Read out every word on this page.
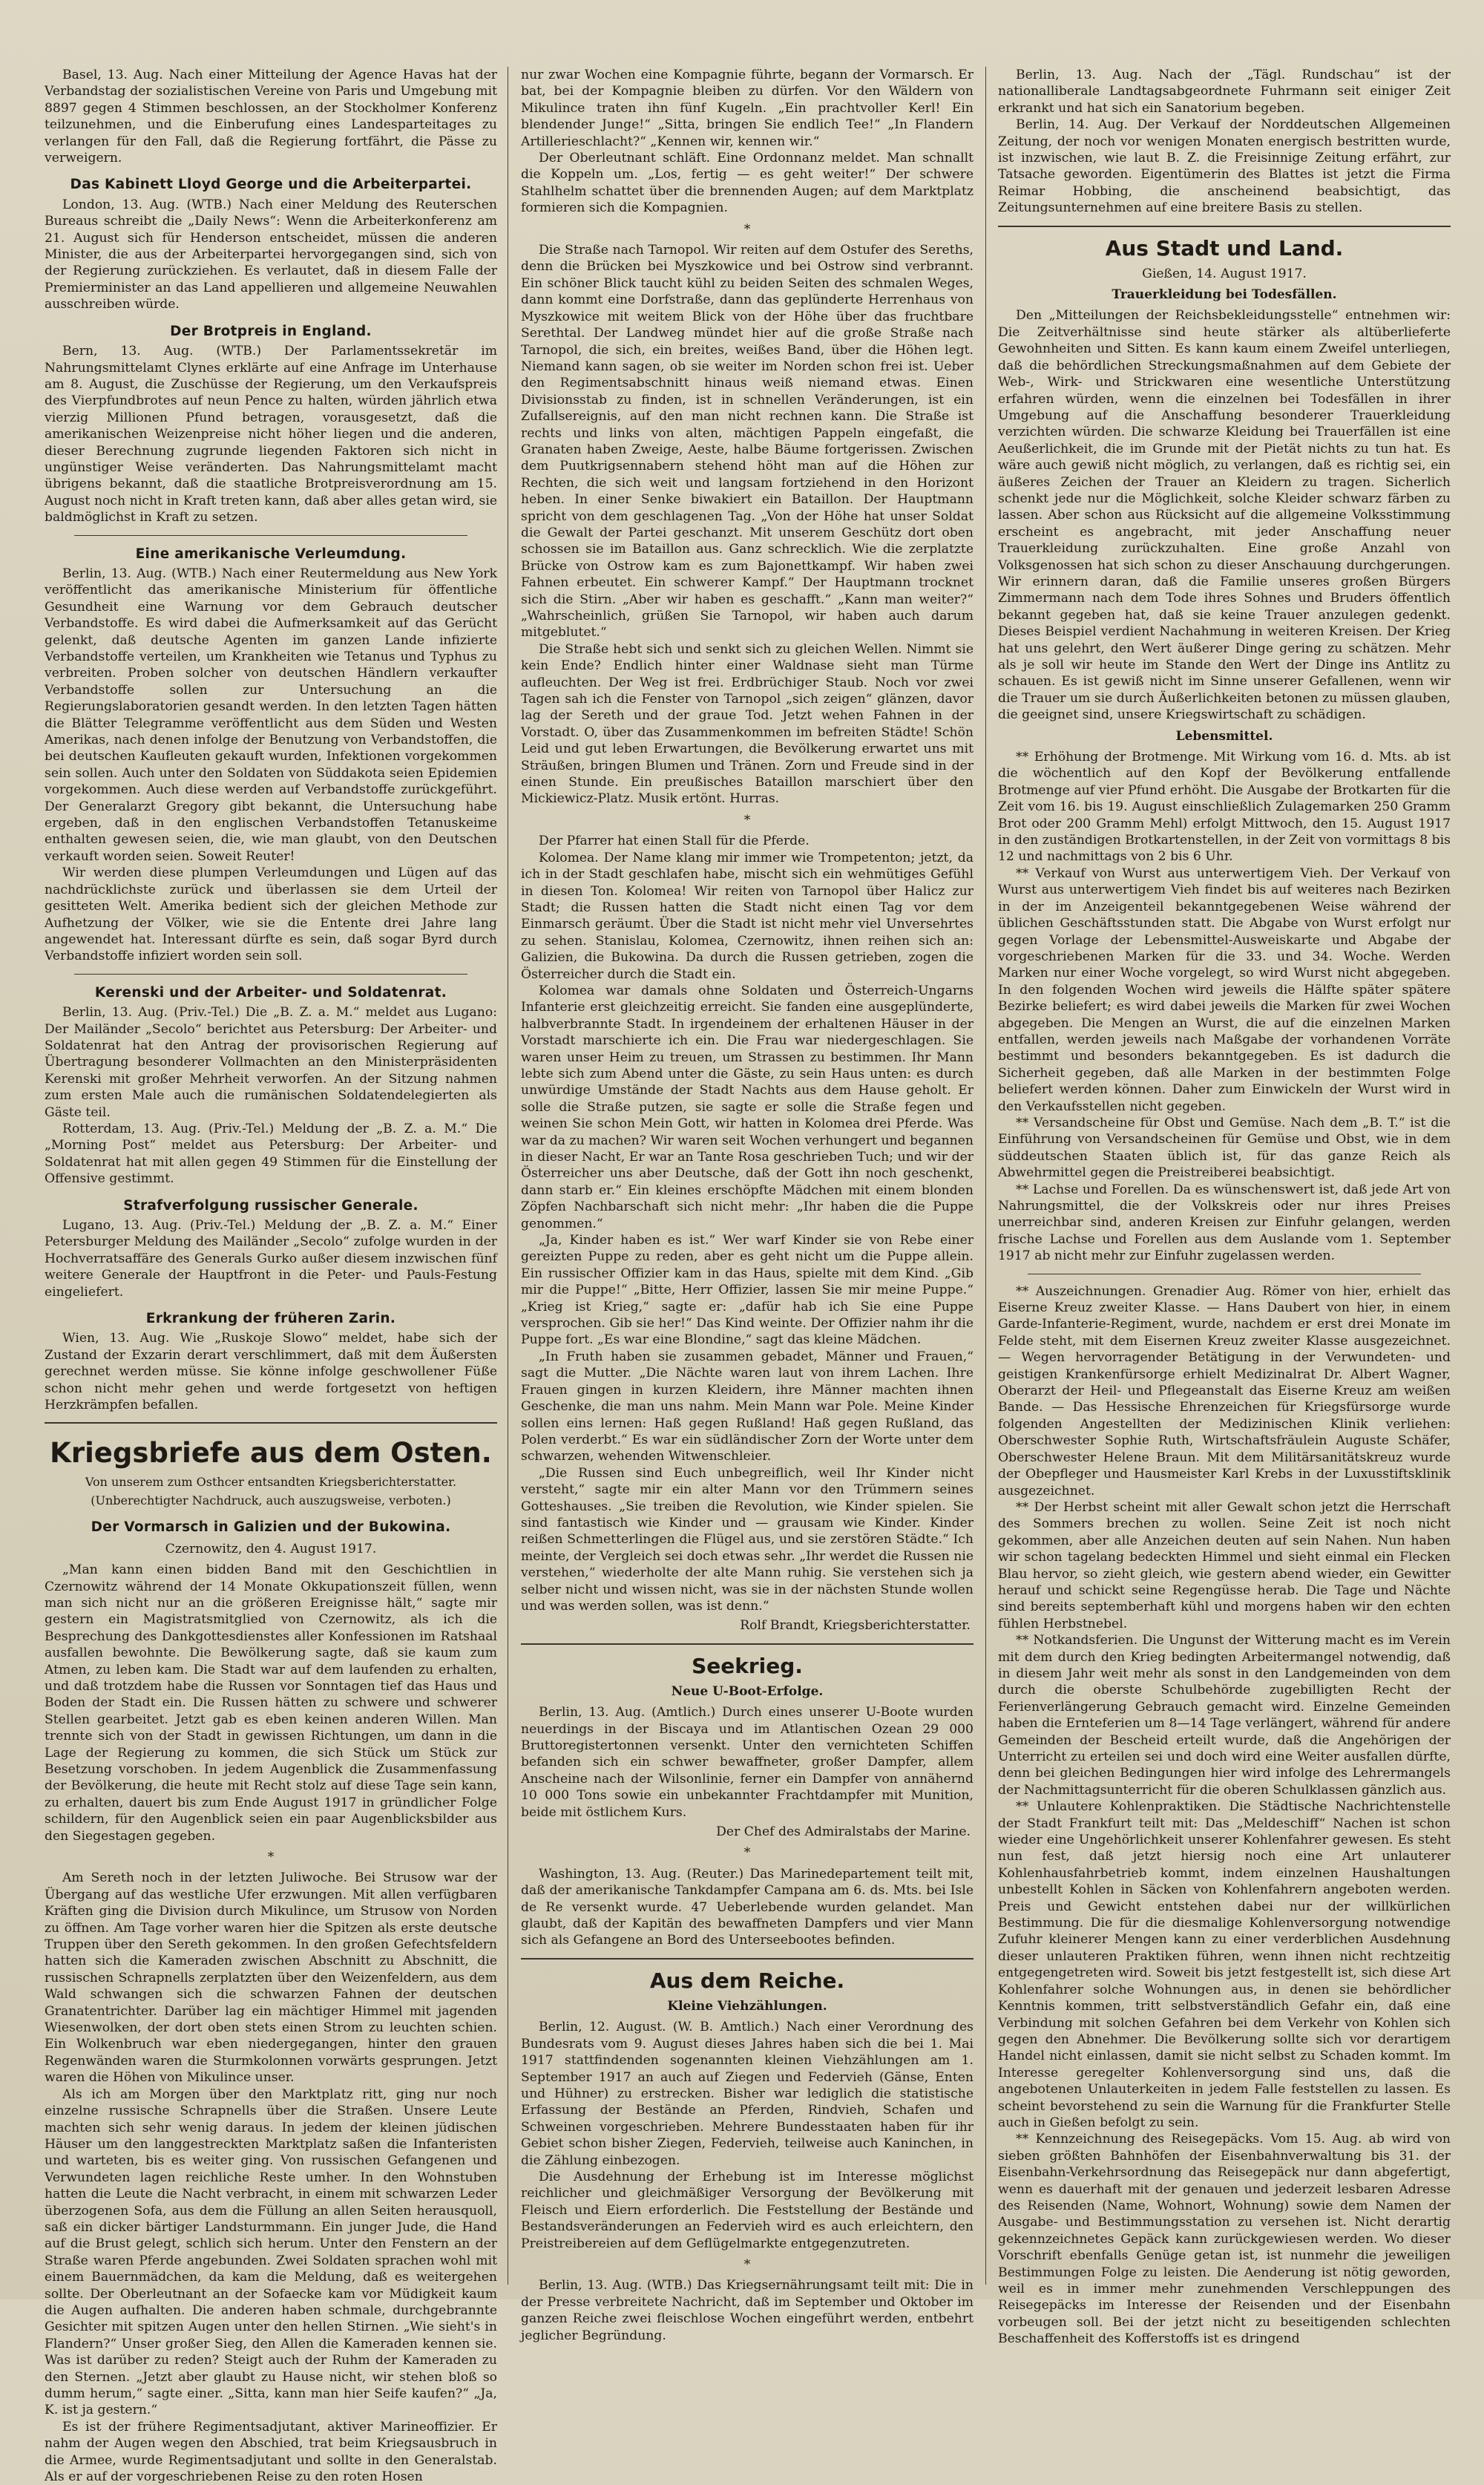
Basel, 13. Aug. Nach einer Mitteilung der Agence Havas hat der Verbandstag der sozialistischen Vereine von Paris und Umgebung mit 8897 gegen 4 Stimmen beschlossen, an der Stockholmer Konferenz teilzunehmen, und die Einberufung eines Landesparteitages zu verlangen für den Fall, daß die Regierung fortfährt, die Pässe zu verweigern.

Das Kabinett Lloyd George und die Arbeiterpartei.

London, 13. Aug. (WTB.) Nach einer Meldung des Reuterschen Bureaus schreibt die „Daily News“: Wenn die Arbeiterkonferenz am 21. August sich für Henderson entscheidet, müssen die anderen Minister, die aus der Arbeiterpartei hervorgegangen sind, sich von der Regierung zurückziehen. Es verlautet, daß in diesem Falle der Premierminister an das Land appellieren und allgemeine Neuwahlen ausschreiben würde.

Der Brotpreis in England.

Bern, 13. Aug. (WTB.) Der Parlamentssekretär im Nahrungsmittelamt Clynes erklärte auf eine Anfrage im Unterhause am 8. August, die Zuschüsse der Regierung, um den Verkaufspreis des Vierpfundbrotes auf neun Pence zu halten, würden jährlich etwa vierzig Millionen Pfund betragen, vorausgesetzt, daß die amerikanischen Weizenpreise nicht höher liegen und die anderen, dieser Berechnung zugrunde liegenden Faktoren sich nicht in ungünstiger Weise veränderten. Das Nahrungsmittelamt macht übrigens bekannt, daß die staatliche Brotpreisverordnung am 15. August noch nicht in Kraft treten kann, daß aber alles getan wird, sie baldmöglichst in Kraft zu setzen.

Eine amerikanische Verleumdung.

Berlin, 13. Aug. (WTB.) Nach einer Reutermeldung aus New York veröffentlicht das amerikanische Ministerium für öffentliche Gesundheit eine Warnung vor dem Gebrauch deutscher Verbandstoffe. Es wird dabei die Aufmerksamkeit auf das Gerücht gelenkt, daß deutsche Agenten im ganzen Lande infizierte Verbandstoffe verteilen, um Krankheiten wie Tetanus und Typhus zu verbreiten. Proben solcher von deutschen Händlern verkaufter Verbandstoffe sollen zur Untersuchung an die Regierungslaboratorien gesandt werden. In den letzten Tagen hätten die Blätter Telegramme veröffentlicht aus dem Süden und Westen Amerikas, nach denen infolge der Benutzung von Verbandstoffen, die bei deutschen Kaufleuten gekauft wurden, Infektionen vorgekommen sein sollen. Auch unter den Soldaten von Süddakota seien Epidemien vorgekommen. Auch diese werden auf Verbandstoffe zurückgeführt. Der Generalarzt Gregory gibt bekannt, die Untersuchung habe ergeben, daß in den englischen Verbandstoffen Tetanuskeime enthalten gewesen seien, die, wie man glaubt, von den Deutschen verkauft worden seien. Soweit Reuter!

Wir werden diese plumpen Verleumdungen und Lügen auf das nachdrücklichste zurück und überlassen sie dem Urteil der gesitteten Welt. Amerika bedient sich der gleichen Methode zur Aufhetzung der Völker, wie sie die Entente drei Jahre lang angewendet hat. Interessant dürfte es sein, daß sogar Byrd durch Verbandstoffe infiziert worden sein soll.

Kerenski und der Arbeiter- und Soldatenrat.

Berlin, 13. Aug. (Priv.-Tel.) Die „B. Z. a. M.“ meldet aus Lugano: Der Mailänder „Secolo“ berichtet aus Petersburg: Der Arbeiter- und Soldatenrat hat den Antrag der provisorischen Regierung auf Übertragung besonderer Vollmachten an den Ministerpräsidenten Kerenski mit großer Mehrheit verworfen. An der Sitzung nahmen zum ersten Male auch die rumänischen Soldatendelegierten als Gäste teil.

Rotterdam, 13. Aug. (Priv.-Tel.) Meldung der „B. Z. a. M.“ Die „Morning Post“ meldet aus Petersburg: Der Arbeiter- und Soldatenrat hat mit allen gegen 49 Stimmen für die Einstellung der Offensive gestimmt.

Strafverfolgung russischer Generale.

Lugano, 13. Aug. (Priv.-Tel.) Meldung der „B. Z. a. M.“ Einer Petersburger Meldung des Mailänder „Secolo“ zufolge wurden in der Hochverratsaffäre des Generals Gurko außer diesem inzwischen fünf weitere Generale der Hauptfront in die Peter- und Pauls-Festung eingeliefert.

Erkrankung der früheren Zarin.

Wien, 13. Aug. Wie „Ruskoje Slowo“ meldet, habe sich der Zustand der Exzarin derart verschlimmert, daß mit dem Äußersten gerechnet werden müsse. Sie könne infolge geschwollener Füße schon nicht mehr gehen und werde fortgesetzt von heftigen Herzkrämpfen befallen.

Kriegsbriefe aus dem Osten.
Von unserem zum Osthcer entsandten Kriegsberichterstatter.
(Unberechtigter Nachdruck, auch auszugsweise, verboten.)
Der Vormarsch in Galizien und der Bukowina.
Czernowitz, den 4. August 1917.

„Man kann einen bidden Band mit den Geschichtlien in Czernowitz während der 14 Monate Okkupationszeit füllen, wenn man sich nicht nur an die größeren Ereignisse hält,“ sagte mir gestern ein Magistratsmitglied von Czernowitz, als ich die Besprechung des Dankgottesdienstes aller Konfessionen im Ratshaal ausfallen bewohnte. Die Bewölkerung sagte, daß sie kaum zum Atmen, zu leben kam. Die Stadt war auf dem laufenden zu erhalten, und daß trotzdem habe die Russen vor Sonntagen tief das Haus und Boden der Stadt ein. Die Russen hätten zu schwere und schwerer Stellen gearbeitet. Jetzt gab es eben keinen anderen Willen. Man trennte sich von der Stadt in gewissen Richtungen, um dann in die Lage der Regierung zu kommen, die sich Stück um Stück zur Besetzung vorschoben. In jedem Augenblick die Zusammenfassung der Bevölkerung, die heute mit Recht stolz auf diese Tage sein kann, zu erhalten, dauert bis zum Ende August 1917 in gründlicher Folge schildern, für den Augenblick seien ein paar Augenblicksbilder aus den Siegestagen gegeben.

*

Am Sereth noch in der letzten Juliwoche. Bei Strusow war der Übergang auf das westliche Ufer erzwungen. Mit allen verfügbaren Kräften ging die Division durch Mikulince, um Strusow von Norden zu öffnen. Am Tage vorher waren hier die Spitzen als erste deutsche Truppen über den Sereth gekommen. In den großen Gefechtsfeldern hatten sich die Kameraden zwischen Abschnitt zu Abschnitt, die russischen Schrapnells zerplatzten über den Weizenfeldern, aus dem Wald schwangen sich die schwarzen Fahnen der deutschen Granatentrichter. Darüber lag ein mächtiger Himmel mit jagenden Wiesenwolken, der dort oben stets einen Strom zu leuchten schien. Ein Wolkenbruch war eben niedergegangen, hinter den grauen Regenwänden waren die Sturmkolonnen vorwärts gesprungen. Jetzt waren die Höhen von Mikulince unser.

Als ich am Morgen über den Marktplatz ritt, ging nur noch einzelne russische Schrapnells über die Straßen. Unsere Leute machten sich sehr wenig daraus. In jedem der kleinen jüdischen Häuser um den langgestreckten Marktplatz saßen die Infanteristen und warteten, bis es weiter ging. Von russischen Gefangenen und Verwundeten lagen reichliche Reste umher. In den Wohnstuben hatten die Leute die Nacht verbracht, in einem mit schwarzen Leder überzogenen Sofa, aus dem die Füllung an allen Seiten herausquoll, saß ein dicker bärtiger Landsturmmann. Ein junger Jude, die Hand auf die Brust gelegt, schlich sich herum. Unter den Fenstern an der Straße waren Pferde angebunden. Zwei Soldaten sprachen wohl mit einem Bauernmädchen, da kam die Meldung, daß es weitergehen sollte. Der Oberleutnant an der Sofaecke kam vor Müdigkeit kaum die Augen aufhalten. Die anderen haben schmale, durchgebrannte Gesichter mit spitzen Augen unter den hellen Stirnen. „Wie sieht's in Flandern?“ Unser großer Sieg, den Allen die Kameraden kennen sie. Was ist darüber zu reden? Steigt auch der Ruhm der Kameraden zu den Sternen. „Jetzt aber glaubt zu Hause nicht, wir stehen bloß so dumm herum,“ sagte einer. „Sitta, kann man hier Seife kaufen?“ „Ja, K. ist ja gestern.“

Es ist der frühere Regimentsadjutant, aktiver Marineoffizier. Er nahm der Augen wegen den Abschied, trat beim Kriegsausbruch in die Armee, wurde Regimentsadjutant und sollte in den Generalstab. Als er auf der vorgeschriebenen Reise zu den roten Hosen

nur zwar Wochen eine Kompagnie führte, begann der Vormarsch. Er bat, bei der Kompagnie bleiben zu dürfen. Vor den Wäldern von Mikulince traten ihn fünf Kugeln. „Ein prachtvoller Kerl! Ein blendender Junge!“ „Sitta, bringen Sie endlich Tee!“ „In Flandern Artillerieschlacht?“ „Kennen wir, kennen wir.“

Der Oberleutnant schläft. Eine Ordonnanz meldet. Man schnallt die Koppeln um. „Los, fertig — es geht weiter!“ Der schwere Stahlhelm schattet über die brennenden Augen; auf dem Marktplatz formieren sich die Kompagnien.

*

Die Straße nach Tarnopol. Wir reiten auf dem Ostufer des Sereths, denn die Brücken bei Myszkowice und bei Ostrow sind verbrannt. Ein schöner Blick taucht kühl zu beiden Seiten des schmalen Weges, dann kommt eine Dorfstraße, dann das geplünderte Herrenhaus von Myszkowice mit weitem Blick von der Höhe über das fruchtbare Serethtal. Der Landweg mündet hier auf die große Straße nach Tarnopol, die sich, ein breites, weißes Band, über die Höhen legt. Niemand kann sagen, ob sie weiter im Norden schon frei ist. Ueber den Regimentsabschnitt hinaus weiß niemand etwas. Einen Divisionsstab zu finden, ist in schnellen Veränderungen, ist ein Zufallsereignis, auf den man nicht rechnen kann. Die Straße ist rechts und links von alten, mächtigen Pappeln eingefaßt, die Granaten haben Zweige, Aeste, halbe Bäume fortgerissen. Zwischen dem Puutkrigsennabern stehend höht man auf die Höhen zur Rechten, die sich weit und langsam fortziehend in den Horizont heben. In einer Senke biwakiert ein Bataillon. Der Hauptmann spricht von dem geschlagenen Tag. „Von der Höhe hat unser Soldat die Gewalt der Partei geschanzt. Mit unserem Geschütz dort oben schossen sie im Bataillon aus. Ganz schrecklich. Wie die zerplatzte Brücke von Ostrow kam es zum Bajonettkampf. Wir haben zwei Fahnen erbeutet. Ein schwerer Kampf.“ Der Hauptmann trocknet sich die Stirn. „Aber wir haben es geschafft.“ „Kann man weiter?“ „Wahrscheinlich, grüßen Sie Tarnopol, wir haben auch darum mitgeblutet.“

Die Straße hebt sich und senkt sich zu gleichen Wellen. Nimmt sie kein Ende? Endlich hinter einer Waldnase sieht man Türme aufleuchten. Der Weg ist frei. Erdbrüchiger Staub. Noch vor zwei Tagen sah ich die Fenster von Tarnopol „sich zeigen“ glänzen, davor lag der Sereth und der graue Tod. Jetzt wehen Fahnen in der Vorstadt. O, über das Zusammenkommen im befreiten Städte! Schön Leid und gut leben Erwartungen, die Bevölkerung erwartet uns mit Sträußen, bringen Blumen und Tränen. Zorn und Freude sind in der einen Stunde. Ein preußisches Bataillon marschiert über den Mickiewicz-Platz. Musik ertönt. Hurras.

*

Der Pfarrer hat einen Stall für die Pferde.

Kolomea. Der Name klang mir immer wie Trompetenton; jetzt, da ich in der Stadt geschlafen habe, mischt sich ein wehmütiges Gefühl in diesen Ton. Kolomea! Wir reiten von Tarnopol über Halicz zur Stadt; die Russen hatten die Stadt nicht einen Tag vor dem Einmarsch geräumt. Über die Stadt ist nicht mehr viel Unversehrtes zu sehen. Stanislau, Kolomea, Czernowitz, ihnen reihen sich an: Galizien, die Bukowina. Da durch die Russen getrieben, zogen die Österreicher durch die Stadt ein.

Kolomea war damals ohne Soldaten und Österreich-Ungarns Infanterie erst gleichzeitig erreicht. Sie fanden eine ausgeplünderte, halbverbrannte Stadt. In irgendeinem der erhaltenen Häuser in der Vorstadt marschierte ich ein. Die Frau war niedergeschlagen. Sie waren unser Heim zu treuen, um Strassen zu bestimmen. Ihr Mann lebte sich zum Abend unter die Gäste, zu sein Haus unten: es durch unwürdige Umstände der Stadt Nachts aus dem Hause geholt. Er solle die Straße putzen, sie sagte er solle die Straße fegen und weinen Sie schon Mein Gott, wir hatten in Kolomea drei Pferde. Was war da zu machen? Wir waren seit Wochen verhungert und begannen in dieser Nacht, Er war an Tante Rosa geschrieben Tuch; und wir der Österreicher uns aber Deutsche, daß der Gott ihn noch geschenkt, dann starb er.“ Ein kleines erschöpfte Mädchen mit einem blonden Zöpfen Nachbarschaft sich nicht mehr: „Ihr haben die die Puppe genommen.“

„Ja, Kinder haben es ist.“ Wer warf Kinder sie von Rebe einer gereizten Puppe zu reden, aber es geht nicht um die Puppe allein. Ein russischer Offizier kam in das Haus, spielte mit dem Kind. „Gib mir die Puppe!“ „Bitte, Herr Offizier, lassen Sie mir meine Puppe.“ „Krieg ist Krieg,“ sagte er: „dafür hab ich Sie eine Puppe versprochen. Gib sie her!“ Das Kind weinte. Der Offizier nahm ihr die Puppe fort. „Es war eine Blondine,“ sagt das kleine Mädchen.

„In Fruth haben sie zusammen gebadet, Männer und Frauen,“ sagt die Mutter. „Die Nächte waren laut von ihrem Lachen. Ihre Frauen gingen in kurzen Kleidern, ihre Männer machten ihnen Geschenke, die man uns nahm. Mein Mann war Pole. Meine Kinder sollen eins lernen: Haß gegen Rußland! Haß gegen Rußland, das Polen verderbt.“ Es war ein südländischer Zorn der Worte unter dem schwarzen, wehenden Witwenschleier.

„Die Russen sind Euch unbegreiflich, weil Ihr Kinder nicht versteht,“ sagte mir ein alter Mann vor den Trümmern seines Gotteshauses. „Sie treiben die Revolution, wie Kinder spielen. Sie sind fantastisch wie Kinder und — grausam wie Kinder. Kinder reißen Schmetterlingen die Flügel aus, und sie zerstören Städte.“ Ich meinte, der Vergleich sei doch etwas sehr. „Ihr werdet die Russen nie verstehen,“ wiederholte der alte Mann ruhig. Sie verstehen sich ja selber nicht und wissen nicht, was sie in der nächsten Stunde wollen und was werden sollen, was ist denn.“

Rolf Brandt, Kriegsberichterstatter.
Seekrieg.
Neue U-Boot-Erfolge.

Berlin, 13. Aug. (Amtlich.) Durch eines unserer U-Boote wurden neuerdings in der Biscaya und im Atlantischen Ozean 29 000 Bruttoregistertonnen versenkt. Unter den vernichteten Schiffen befanden sich ein schwer bewaffneter, großer Dampfer, allem Anscheine nach der Wilsonlinie, ferner ein Dampfer von annähernd 10 000 Tons sowie ein unbekannter Frachtdampfer mit Munition, beide mit östlichem Kurs.

Der Chef des Admiralstabs der Marine.
*

Washington, 13. Aug. (Reuter.) Das Marinedepartement teilt mit, daß der amerikanische Tankdampfer Campana am 6. ds. Mts. bei Isle de Re versenkt wurde. 47 Ueberlebende wurden gelandet. Man glaubt, daß der Kapitän des bewaffneten Dampfers und vier Mann sich als Gefangene an Bord des Unterseebootes befinden.

Aus dem Reiche.
Kleine Viehzählungen.

Berlin, 12. August. (W. B. Amtlich.) Nach einer Verordnung des Bundesrats vom 9. August dieses Jahres haben sich die bei 1. Mai 1917 stattfindenden sogenannten kleinen Viehzählungen am 1. September 1917 an auch auf Ziegen und Federvieh (Gänse, Enten und Hühner) zu erstrecken. Bisher war lediglich die statistische Erfassung der Bestände an Pferden, Rindvieh, Schafen und Schweinen vorgeschrieben. Mehrere Bundesstaaten haben für ihr Gebiet schon bisher Ziegen, Federvieh, teilweise auch Kaninchen, in die Zählung einbezogen.

Die Ausdehnung der Erhebung ist im Interesse möglichst reichlicher und gleichmäßiger Versorgung der Bevölkerung mit Fleisch und Eiern erforderlich. Die Feststellung der Bestände und Bestandsveränderungen an Federvieh wird es auch erleichtern, den Preistreibereien auf dem Geflügelmarkte entgegenzutreten.

*

Berlin, 13. Aug. (WTB.) Das Kriegsernährungsamt teilt mit: Die in der Presse verbreitete Nachricht, daß im September und Oktober im ganzen Reiche zwei fleischlose Wochen eingeführt werden, entbehrt jeglicher Begründung.

Berlin, 13. Aug. Nach der „Tägl. Rundschau“ ist der nationalliberale Landtagsabgeordnete Fuhrmann seit einiger Zeit erkrankt und hat sich ein Sanatorium begeben.

Berlin, 14. Aug. Der Verkauf der Norddeutschen Allgemeinen Zeitung, der noch vor wenigen Monaten energisch bestritten wurde, ist inzwischen, wie laut B. Z. die Freisinnige Zeitung erfährt, zur Tatsache geworden. Eigentümerin des Blattes ist jetzt die Firma Reimar Hobbing, die anscheinend beabsichtigt, das Zeitungsunternehmen auf eine breitere Basis zu stellen.

Aus Stadt und Land.
Gießen, 14. August 1917.
Trauerkleidung bei Todesfällen.

Den „Mitteilungen der Reichsbekleidungsstelle“ entnehmen wir: Die Zeitverhältnisse sind heute stärker als altüberlieferte Gewohnheiten und Sitten. Es kann kaum einem Zweifel unterliegen, daß die behördlichen Streckungsmaßnahmen auf dem Gebiete der Web-, Wirk- und Strickwaren eine wesentliche Unterstützung erfahren würden, wenn die einzelnen bei Todesfällen in ihrer Umgebung auf die Anschaffung besonderer Trauerkleidung verzichten würden. Die schwarze Kleidung bei Trauerfällen ist eine Aeußerlichkeit, die im Grunde mit der Pietät nichts zu tun hat. Es wäre auch gewiß nicht möglich, zu verlangen, daß es richtig sei, ein äußeres Zeichen der Trauer an Kleidern zu tragen. Sicherlich schenkt jede nur die Möglichkeit, solche Kleider schwarz färben zu lassen. Aber schon aus Rücksicht auf die allgemeine Volksstimmung erscheint es angebracht, mit jeder Anschaffung neuer Trauerkleidung zurückzuhalten. Eine große Anzahl von Volksgenossen hat sich schon zu dieser Anschauung durchgerungen. Wir erinnern daran, daß die Familie unseres großen Bürgers Zimmermann nach dem Tode ihres Sohnes und Bruders öffentlich bekannt gegeben hat, daß sie keine Trauer anzulegen gedenkt. Dieses Beispiel verdient Nachahmung in weiteren Kreisen. Der Krieg hat uns gelehrt, den Wert äußerer Dinge gering zu schätzen. Mehr als je soll wir heute im Stande den Wert der Dinge ins Antlitz zu schauen. Es ist gewiß nicht im Sinne unserer Gefallenen, wenn wir die Trauer um sie durch Äußerlichkeiten betonen zu müssen glauben, die geeignet sind, unsere Kriegswirtschaft zu schädigen.

Lebensmittel.

** Erhöhung der Brotmenge. Mit Wirkung vom 16. d. Mts. ab ist die wöchentlich auf den Kopf der Bevölkerung entfallende Brotmenge auf vier Pfund erhöht. Die Ausgabe der Brotkarten für die Zeit vom 16. bis 19. August einschließlich Zulagemarken 250 Gramm Brot oder 200 Gramm Mehl) erfolgt Mittwoch, den 15. August 1917 in den zuständigen Brotkartenstellen, in der Zeit von vormittags 8 bis 12 und nachmittags von 2 bis 6 Uhr.

** Verkauf von Wurst aus unterwertigem Vieh. Der Verkauf von Wurst aus unterwertigem Vieh findet bis auf weiteres nach Bezirken in der im Anzeigenteil bekanntgegebenen Weise während der üblichen Geschäftsstunden statt. Die Abgabe von Wurst erfolgt nur gegen Vorlage der Lebensmittel-Ausweiskarte und Abgabe der vorgeschriebenen Marken für die 33. und 34. Woche. Werden Marken nur einer Woche vorgelegt, so wird Wurst nicht abgegeben. In den folgenden Wochen wird jeweils die Hälfte später spätere Bezirke beliefert; es wird dabei jeweils die Marken für zwei Wochen abgegeben. Die Mengen an Wurst, die auf die einzelnen Marken entfallen, werden jeweils nach Maßgabe der vorhandenen Vorräte bestimmt und besonders bekanntgegeben. Es ist dadurch die Sicherheit gegeben, daß alle Marken in der bestimmten Folge beliefert werden können. Daher zum Einwickeln der Wurst wird in den Verkaufsstellen nicht gegeben.

** Versandscheine für Obst und Gemüse. Nach dem „B. T.“ ist die Einführung von Versandscheinen für Gemüse und Obst, wie in dem süddeutschen Staaten üblich ist, für das ganze Reich als Abwehrmittel gegen die Preistreiberei beabsichtigt.

** Lachse und Forellen. Da es wünschenswert ist, daß jede Art von Nahrungsmittel, die der Volkskreis oder nur ihres Preises unerreichbar sind, anderen Kreisen zur Einfuhr gelangen, werden frische Lachse und Forellen aus dem Auslande vom 1. September 1917 ab nicht mehr zur Einfuhr zugelassen werden.

** Auszeichnungen. Grenadier Aug. Römer von hier, erhielt das Eiserne Kreuz zweiter Klasse. — Hans Daubert von hier, in einem Garde-Infanterie-Regiment, wurde, nachdem er erst drei Monate im Felde steht, mit dem Eisernen Kreuz zweiter Klasse ausgezeichnet. — Wegen hervorragender Betätigung in der Verwundeten- und geistigen Krankenfürsorge erhielt Medizinalrat Dr. Albert Wagner, Oberarzt der Heil- und Pflegeanstalt das Eiserne Kreuz am weißen Bande. — Das Hessische Ehrenzeichen für Kriegsfürsorge wurde folgenden Angestellten der Medizinischen Klinik verliehen: Oberschwester Sophie Ruth, Wirtschaftsfräulein Auguste Schäfer, Oberschwester Helene Braun. Mit dem Militärsanitätskreuz wurde der Obepfleger und Hausmeister Karl Krebs in der Luxusstiftsklinik ausgezeichnet.

** Der Herbst scheint mit aller Gewalt schon jetzt die Herrschaft des Sommers brechen zu wollen. Seine Zeit ist noch nicht gekommen, aber alle Anzeichen deuten auf sein Nahen. Nun haben wir schon tagelang bedeckten Himmel und sieht einmal ein Flecken Blau hervor, so zieht gleich, wie gestern abend wieder, ein Gewitter herauf und schickt seine Regengüsse herab. Die Tage und Nächte sind bereits septemberhaft kühl und morgens haben wir den echten fühlen Herbstnebel.

** Notkandsferien. Die Ungunst der Witterung macht es im Verein mit dem durch den Krieg bedingten Arbeitermangel notwendig, daß in diesem Jahr weit mehr als sonst in den Landgemeinden von dem durch die oberste Schulbehörde zugebilligten Recht der Ferienverlängerung Gebrauch gemacht wird. Einzelne Gemeinden haben die Ernteferien um 8—14 Tage verlängert, während für andere Gemeinden der Bescheid erteilt wurde, daß die Angehörigen der Unterricht zu erteilen sei und doch wird eine Weiter ausfallen dürfte, denn bei gleichen Bedingungen hier wird infolge des Lehrermangels der Nachmittagsunterricht für die oberen Schulklassen gänzlich aus.

** Unlautere Kohlenpraktiken. Die Städtische Nachrichtenstelle der Stadt Frankfurt teilt mit: Das „Meldeschiff“ Nachen ist schon wieder eine Ungehörlichkeit unserer Kohlenfahrer gewesen. Es steht nun fest, daß jetzt hiersig noch eine Art unlauterer Kohlenhausfahrbetrieb kommt, indem einzelnen Haushaltungen unbestellt Kohlen in Säcken von Kohlenfahrern angeboten werden. Preis und Gewicht entstehen dabei nur der willkürlichen Bestimmung. Die für die diesmalige Kohlenversorgung notwendige Zufuhr kleinerer Mengen kann zu einer verderblichen Ausdehnung dieser unlauteren Praktiken führen, wenn ihnen nicht rechtzeitig entgegengetreten wird. Soweit bis jetzt festgestellt ist, sich diese Art Kohlenfahrer solche Wohnungen aus, in denen sie behördlicher Kenntnis kommen, tritt selbstverständlich Gefahr ein, daß eine Verbindung mit solchen Gefahren bei dem Verkehr von Kohlen sich gegen den Abnehmer. Die Bevölkerung sollte sich vor derartigem Handel nicht einlassen, damit sie nicht selbst zu Schaden kommt. Im Interesse geregelter Kohlenversorgung sind uns, daß die angebotenen Unlauterkeiten in jedem Falle feststellen zu lassen. Es scheint bevorstehend zu sein die Warnung für die Frankfurter Stelle auch in Gießen befolgt zu sein.

** Kennzeichnung des Reisegepäcks. Vom 15. Aug. ab wird von sieben größten Bahnhöfen der Eisenbahnverwaltung bis 31. der Eisenbahn-Verkehrsordnung das Reisegepäck nur dann abgefertigt, wenn es dauerhaft mit der genauen und jederzeit lesbaren Adresse des Reisenden (Name, Wohnort, Wohnung) sowie dem Namen der Ausgabe- und Bestimmungsstation zu versehen ist. Nicht derartig gekennzeichnetes Gepäck kann zurückgewiesen werden. Wo dieser Vorschrift ebenfalls Genüge getan ist, ist nunmehr die jeweiligen Bestimmungen Folge zu leisten. Die Aenderung ist nötig geworden, weil es in immer mehr zunehmenden Verschleppungen des Reisegepäcks im Interesse der Reisenden und der Eisenbahn vorbeugen soll. Bei der jetzt nicht zu beseitigenden schlechten Beschaffenheit des Kofferstoffs ist es dringend
